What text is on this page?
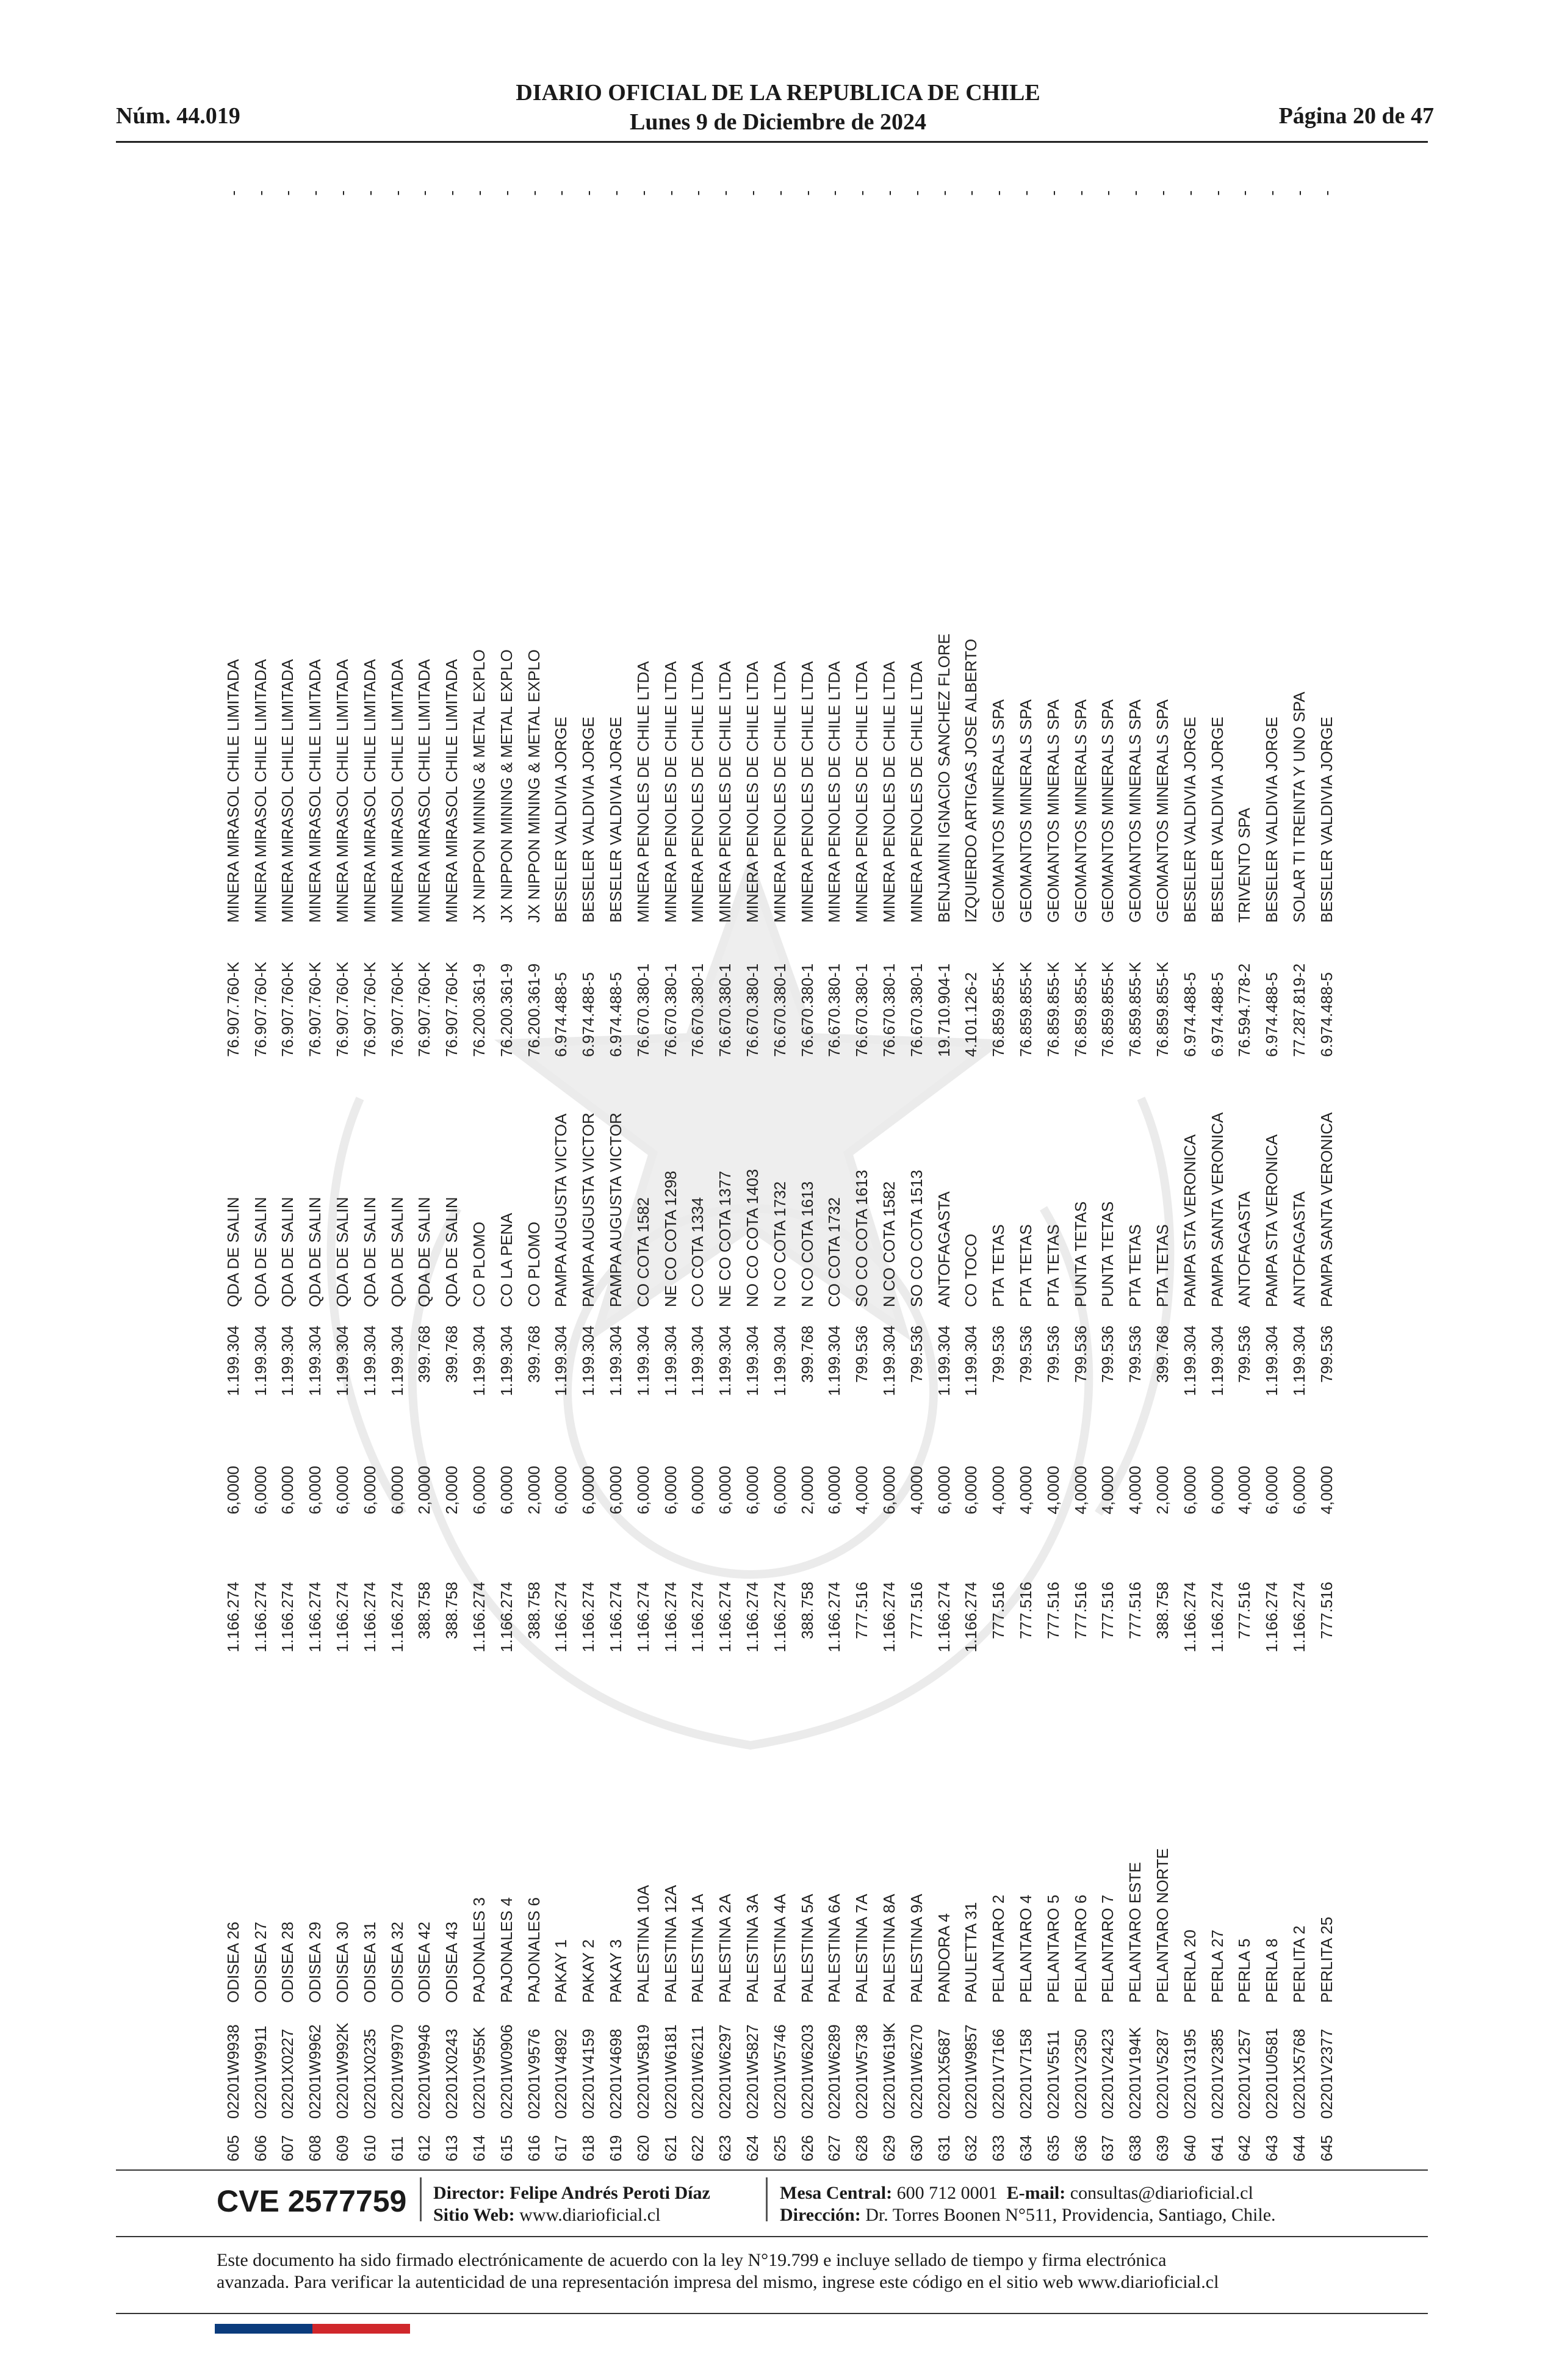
Núm. 44.019
DIARIO OFICIAL DE LA REPUBLICA DE CHILE
Lunes 9 de Diciembre de 2024	Página 20 de 47
605	02201W9938	ODISEA 26	1.166.274	6,0000	1.199.304	QDA DE SALIN	76.907.760-K	MINERA MIRASOL CHILE LIMITADA	-
606	02201W9911	ODISEA 27	1.166.274	6,0000	1.199.304	QDA DE SALIN	76.907.760-K	MINERA MIRASOL CHILE LIMITADA	-
607	02201X0227	ODISEA 28	1.166.274	6,0000	1.199.304	QDA DE SALIN	76.907.760-K	MINERA MIRASOL CHILE LIMITADA	-
608	02201W9962	ODISEA 29	1.166.274	6,0000	1.199.304	QDA DE SALIN	76.907.760-K	MINERA MIRASOL CHILE LIMITADA	-
609	02201W992K	ODISEA 30	1.166.274	6,0000	1.199.304	QDA DE SALIN	76.907.760-K	MINERA MIRASOL CHILE LIMITADA	-
610	02201X0235	ODISEA 31	1.166.274	6,0000	1.199.304	QDA DE SALIN	76.907.760-K	MINERA MIRASOL CHILE LIMITADA	-
611	02201W9970	ODISEA 32	1.166.274	6,0000	1.199.304	QDA DE SALIN	76.907.760-K	MINERA MIRASOL CHILE LIMITADA	-
612	02201W9946	ODISEA 42	388.758	2,0000	399.768	QDA DE SALIN	76.907.760-K	MINERA MIRASOL CHILE LIMITADA	-
613	02201X0243	ODISEA 43	388.758	2,0000	399.768	QDA DE SALIN	76.907.760-K	MINERA MIRASOL CHILE LIMITADA	-
614	02201V955K	PAJONALES 3	1.166.274	6,0000	1.199.304	CO PLOMO	76.200.361-9	JX NIPPON MINING & METAL EXPLO	-
615	02201W0906	PAJONALES 4	1.166.274	6,0000	1.199.304	CO LA PENA	76.200.361-9	JX NIPPON MINING & METAL EXPLO	-
616	02201V9576	PAJONALES 6	388.758	2,0000	399.768	CO PLOMO	76.200.361-9	JX NIPPON MINING & METAL EXPLO	-
617	02201V4892	PAKAY 1	1.166.274	6,0000	1.199.304	PAMPA AUGUSTA VICTOA	6.974.488-5	BESELER VALDIVIA JORGE	-
618	02201V4159	PAKAY 2	1.166.274	6,0000	1.199.304	PAMPA AUGUSTA VICTOR	6.974.488-5	BESELER VALDIVIA JORGE	-
619	02201V4698	PAKAY 3	1.166.274	6,0000	1.199.304	PAMPA AUGUSTA VICTOR	6.974.488-5	BESELER VALDIVIA JORGE	-
620	02201W5819	PALESTINA 10A	1.166.274	6,0000	1.199.304	CO COTA 1582	76.670.380-1	MINERA PENOLES DE CHILE LTDA	-
621	02201W6181	PALESTINA 12A	1.166.274	6,0000	1.199.304	NE CO COTA 1298	76.670.380-1	MINERA PENOLES DE CHILE LTDA	-
622	02201W6211	PALESTINA 1A	1.166.274	6,0000	1.199.304	CO COTA 1334	76.670.380-1	MINERA PENOLES DE CHILE LTDA	-
623	02201W6297	PALESTINA 2A	1.166.274	6,0000	1.199.304	NE CO COTA 1377	76.670.380-1	MINERA PENOLES DE CHILE LTDA	-
624	02201W5827	PALESTINA 3A	1.166.274	6,0000	1.199.304	NO CO COTA 1403	76.670.380-1	MINERA PENOLES DE CHILE LTDA	-
625	02201W5746	PALESTINA 4A	1.166.274	6,0000	1.199.304	N CO COTA 1732	76.670.380-1	MINERA PENOLES DE CHILE LTDA	-
626	02201W6203	PALESTINA 5A	388.758	2,0000	399.768	N CO COTA 1613	76.670.380-1	MINERA PENOLES DE CHILE LTDA	-
627	02201W6289	PALESTINA 6A	1.166.274	6,0000	1.199.304	CO COTA 1732	76.670.380-1	MINERA PENOLES DE CHILE LTDA	-
628	02201W5738	PALESTINA 7A	777.516	4,0000	799.536	SO CO COTA 1613	76.670.380-1	MINERA PENOLES DE CHILE LTDA	-
629	02201W619K	PALESTINA 8A	1.166.274	6,0000	1.199.304	N CO COTA 1582	76.670.380-1	MINERA PENOLES DE CHILE LTDA	-
630	02201W6270	PALESTINA 9A	777.516	4,0000	799.536	SO CO COTA 1513	76.670.380-1	MINERA PENOLES DE CHILE LTDA	-
631	02201X5687	PANDORA 4	1.166.274	6,0000	1.199.304	ANTOFAGASTA	19.710.904-1	BENJAMIN IGNACIO SANCHEZ FLORE	-
632	02201W9857	PAULETTA 31	1.166.274	6,0000	1.199.304	CO TOCO	4.101.126-2	IZQUIERDO ARTIGAS JOSE ALBERTO	-
633	02201V7166	PELANTARO 2	777.516	4,0000	799.536	PTA TETAS	76.859.855-K	GEOMANTOS MINERALS SPA	-
634	02201V7158	PELANTARO 4	777.516	4,0000	799.536	PTA TETAS	76.859.855-K	GEOMANTOS MINERALS SPA	-
635	02201V5511	PELANTARO 5	777.516	4,0000	799.536	PTA TETAS	76.859.855-K	GEOMANTOS MINERALS SPA	-
636	02201V2350	PELANTARO 6	777.516	4,0000	799.536	PUNTA TETAS	76.859.855-K	GEOMANTOS MINERALS SPA	-
637	02201V2423	PELANTARO 7	777.516	4,0000	799.536	PUNTA TETAS	76.859.855-K	GEOMANTOS MINERALS SPA	-
638	02201V194K	PELANTARO ESTE	777.516	4,0000	799.536	PTA TETAS	76.859.855-K	GEOMANTOS MINERALS SPA	-
639	02201V5287	PELANTARO NORTE	388.758	2,0000	399.768	PTA TETAS	76.859.855-K	GEOMANTOS MINERALS SPA	-
640	02201V3195	PERLA 20	1.166.274	6,0000	1.199.304	PAMPA STA VERONICA	6.974.488-5	BESELER VALDIVIA JORGE	-
641	02201V2385	PERLA 27	1.166.274	6,0000	1.199.304	PAMPA SANTA VERONICA	6.974.488-5	BESELER VALDIVIA JORGE	-
642	02201V1257	PERLA 5	777.516	4,0000	799.536	ANTOFAGASTA	76.594.778-2	TRIVENTO SPA	-
643	02201U0581	PERLA 8	1.166.274	6,0000	1.199.304	PAMPA STA VERONICA	6.974.488-5	BESELER VALDIVIA JORGE	-
644	02201X5768	PERLITA 2	1.166.274	6,0000	1.199.304	ANTOFAGASTA	77.287.819-2	SOLAR TI TREINTA Y UNO SPA	-
645	02201V2377	PERLITA 25	777.516	4,0000	799.536	PAMPA SANTA VERONICA	6.974.488-5	BESELER VALDIVIA JORGE	-
CVE 2577759 Director: Felipe Andrés Peroti Díaz
Sitio Web: www.diarioficial.cl
Mesa Central: 600 712 0001 E-mail: consultas@diarioficial.cl
Dirección: Dr. Torres Boonen N°511, Providencia, Santiago, Chile.
Este documento ha sido firmado electrónicamente de acuerdo con la ley N°19.799 e incluye sellado de tiempo y firma electrónica
avanzada. Para verificar la autenticidad de una representación impresa del mismo, ingrese este código en el sitio web www.diarioficial.cl
